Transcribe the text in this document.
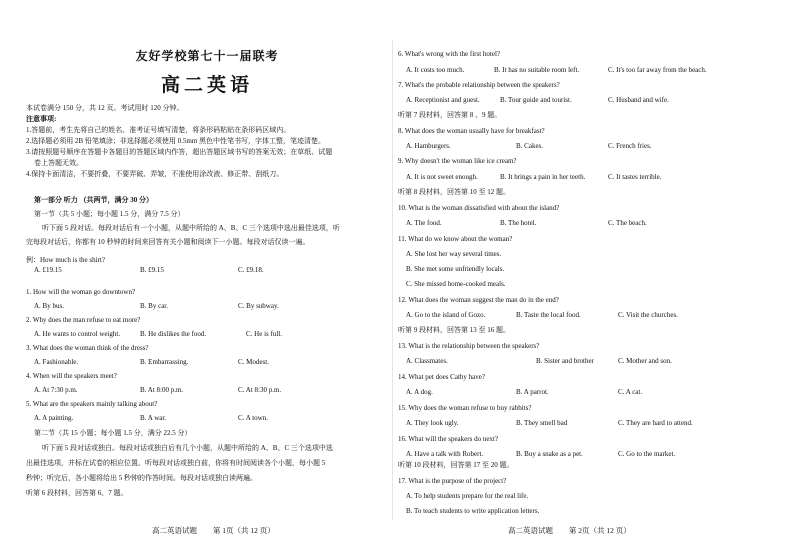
友好学校第七十一届联考
高二英语
本试卷满分 150 分，共 12 页。考试用时 120 分钟。
注意事项:
1.答题前，考生先将自己的姓名、准考证号填写清楚，将条形码粘贴在条形码区域内。
2.选择题必须用 2B 铅笔填涂；非选择题必须使用 0.5mm 黑色中性笔书写，字体工整，笔迹清楚。
3.请按照题号顺序在答题卡各题目的答题区域内作答，超出答题区域书写的答案无效；在草纸、试题
卷上答题无效。
4.保持卡面清洁，不要折叠，不要弄破、弄皱，不准使用涂改液、修正带、刮纸刀。
第一部分 听力 （共两节，满分 30 分）
第一节（共 5 小题；每小题 1.5 分，满分 7.5 分）
听下面 5 段对话。每段对话后有一个小题，从题中所给的 A、B、C 三个选项中选出最佳选项，听
完每段对话后，你都有 10 秒钟的时间来回答有关小题和阅读下一小题。每段对话仅读一遍。
例：How much is the shirt?
A. £19.15	B. £9.15	C. £9.18.
1. How will the woman go downtown?
A. By bus.	B. By car.	C. By subway.
2. Why does the man refuse to eat more?
A. He wants to control weight.	B. He dislikes the food.	C. He is full.
3. What does the woman think of the dress?
A. Fashionable.	B. Embarrassing.	C. Modest.
4. When will the speakers meet?
A. At 7:30 p.m.	B. At 8:00 p.m.	C. At 8:30 p.m.
5. What are the speakers mainly talking about?
A. A painting.	B. A war.	C. A town.
第二节（共 15 小题；每小题 1.5 分，满分 22.5 分）
听下面 5 段对话或独白。每段对话或独白后有几个小题，从题中所给的 A、B、C 三个选项中选
出最佳选项，并标在试卷的相应位置。听每段对话或独白前，你将有时间阅读各个小题，每小题 5
秒钟；听完后，各小题将给出 5 秒钟的作答时间。每段对话或独白读两遍。
听第 6 段材料，回答第 6、7 题。
6. What's wrong with the first hotel?
A. It costs too much.	B. It has no suitable room left.	C. It's too far away from the beach.
7. What's the probable relationship between the speakers?
A. Receptionist and guest.	B. Tour guide and tourist.	C. Husband and wife.
听第 7 段材料，回答第 8 、9 题。
8. What does the woman usually have for breakfast?
A. Hamburgers.	B. Cakes.	C. French fries.
9. Why doesn't the woman like ice cream?
A. It is not sweet enough.	B. It brings a pain in her teeth.	C. It tastes terrible.
听第 8 段材料，回答第 10 至 12 题。
10. What is the woman dissatisfied with about the island?
A. The food.	B. The hotel.	C. The beach.
11. What do we know about the woman?
A. She lost her way several times.
B. She met some unfriendly locals.
C. She missed home-cooked meals.
12. What does the woman suggest the man do in the end?
A. Go to the island of Gozo.	B. Taste the local food.	C. Visit the churches.
听第 9 段材料，回答第 13 至 16 题。
13. What is the relationship between the speakers?
A. Classmates.	B. Sister and brother	C. Mother and son.
14. What pet does Cathy have?
A. A dog.	B. A parrot.	C. A cat.
15. Why does the woman refuse to buy rabbits?
A. They look ugly.	B. They smell bad	C. They are hard to attend.
16. What will the speakers do next?
A. Have a talk with Robert.	B. Buy a snake as a pet.	C. Go to the market.
听第 10 段材料，回答第 17 至 20 题。
17. What is the purpose of the project?
A. To help students prepare for the real life.
B. To teach students to write application letters.
高二英语试题 第 1页（共 12 页）	高二英语试题 第 2页（共 12 页）
